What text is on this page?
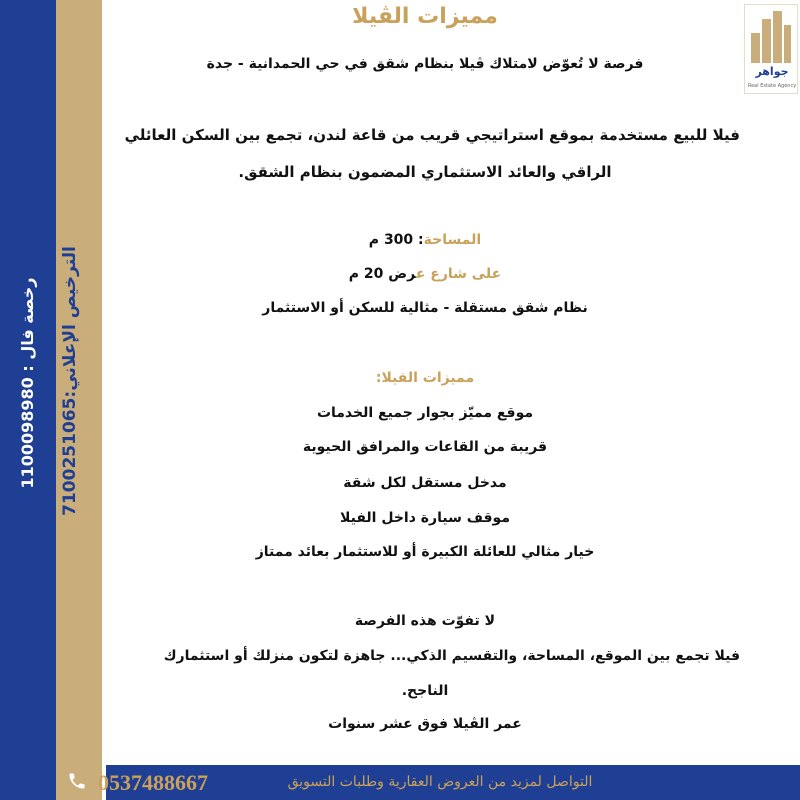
رخصة فال : 1100098980
الترخيص الإعلاني:7100251065
جواهر
Real Estate Agency
مميزات الڤيلا
فرصة لا تُعوّض لامتلاك ڤيلا بنظام شقق في حي الحمدانية - جدة
فيلا للبيع مستخدمة بموقع استراتيجي قريب من قاعة لندن، تجمع بين السكن العائلي
الراقي والعائد الاستثماري المضمون بنظام الشقق.
المساحة: 300 م
على شارع عرض 20 م
نظام شقق مستقلة - مثالية للسكن أو الاستثمار
مميزات الفيلا:
موقع مميّز بجوار جميع الخدمات
قريبة من القاعات والمرافق الحيوية
مدخل مستقل لكل شقة
موقف سيارة داخل الفيلا
خيار مثالي للعائلة الكبيرة أو للاستثمار بعائد ممتاز
لا تفوّت هذه الفرصة
فيلا تجمع بين الموقع، المساحة، والتقسيم الذكي... جاهزة لتكون منزلك أو استثمارك
الناجح.
عمر الڤيلا فوق عشر سنوات
0537488667	التواصل لمزيد من العروض العقارية وطلبات التسويق
